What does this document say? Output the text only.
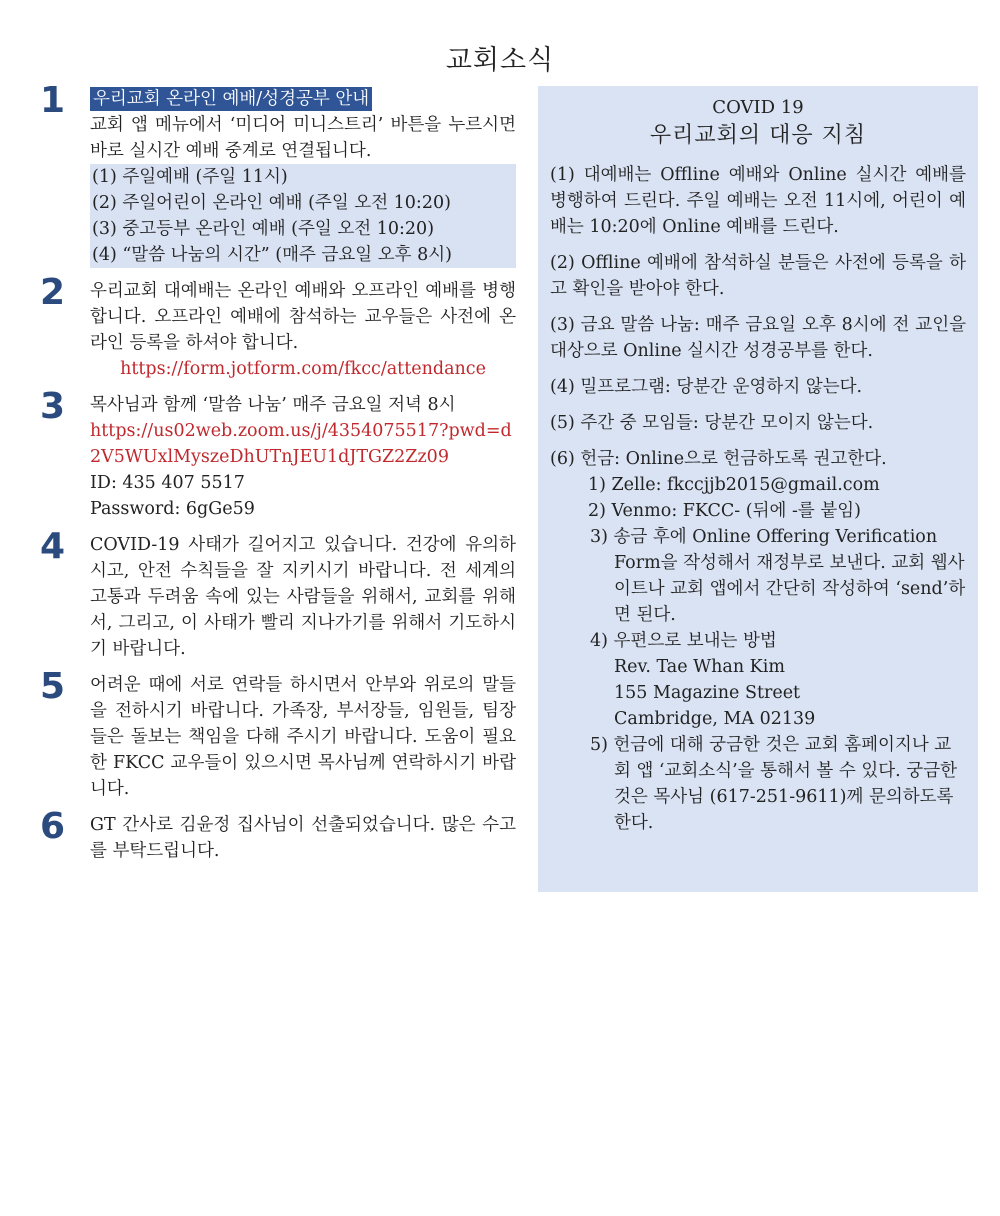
교회소식
1	우리교회 온라인 예배/성경공부 안내
교회 앱 메뉴에서 ‘미디어 미니스트리’ 바튼을 누르시면 바로 실시간 예배 중계로 연결됩니다.
(1) 주일예배 (주일 11시)
(2) 주일어린이 온라인 예배 (주일 오전 10:20)
(3) 중고등부 온라인 예배 (주일 오전 10:20)
(4) “말씀 나눔의 시간” (매주 금요일 오후 8시)
2	우리교회 대예배는 온라인 예배와 오프라인 예배를 병행합니다. 오프라인 예배에 참석하는 교우들은 사전에 온라인 등록을 하셔야 합니다.
https://form.jotform.com/fkcc/attendance
3	목사님과 함께 ‘말씀 나눔’ 매주 금요일 저녁 8시
https://us02web.zoom.us/j/4354075517?pwd=d2V5WUxlMyszeDhUTnJEU1dJTGZ2Zz09
ID: 435 407 5517
Password: 6gGe59
4	COVID-19 사태가 길어지고 있습니다. 건강에 유의하시고, 안전 수칙들을 잘 지키시기 바랍니다. 전 세계의 고통과 두려움 속에 있는 사람들을 위해서, 교회를 위해서, 그리고, 이 사태가 빨리 지나가기를 위해서 기도하시기 바랍니다.
5	어려운 때에 서로 연락들 하시면서 안부와 위로의 말들을 전하시기 바랍니다. 가족장, 부서장들, 임원들, 팀장들은 돌보는 책임을 다해 주시기 바랍니다. 도움이 필요한 FKCC 교우들이 있으시면 목사님께 연락하시기 바랍니다.
6	GT 간사로 김윤정 집사님이 선출되었습니다. 많은 수고를 부탁드립니다.
COVID 19
우리교회의 대응 지침

(1) 대예배는 Offline 예배와 Online 실시간 예배를 병행하여 드린다. 주일 예배는 오전 11시에, 어린이 예배는 10:20에 Online 예배를 드린다.

(2) Offline 예배에 참석하실 분들은 사전에 등록을 하고 확인을 받아야 한다.

(3) 금요 말씀 나눔: 매주 금요일 오후 8시에 전 교인을 대상으로 Online 실시간 성경공부를 한다.

(4) 밀프로그램: 당분간 운영하지 않는다.

(5) 주간 중 모임들: 당분간 모이지 않는다.

(6) 헌금: Online으로 헌금하도록 권고한다.

1) Zelle: fkccjjb2015@gmail.com

2) Venmo: FKCC- (뒤에 -를 붙임)

3) 송금 후에 Online Offering Verification Form을 작성해서 재정부로 보낸다. 교회 웹사이트나 교회 앱에서 간단히 작성하여 ‘send’하면 된다.

4) 우편으로 보내는 방법

Rev. Tae Whan Kim

155 Magazine Street

Cambridge, MA 02139

5) 헌금에 대해 궁금한 것은 교회 홈페이지나 교회 앱 ‘교회소식’을 통해서 볼 수 있다. 궁금한 것은 목사님 (617-251-9611)께 문의하도록 한다.
